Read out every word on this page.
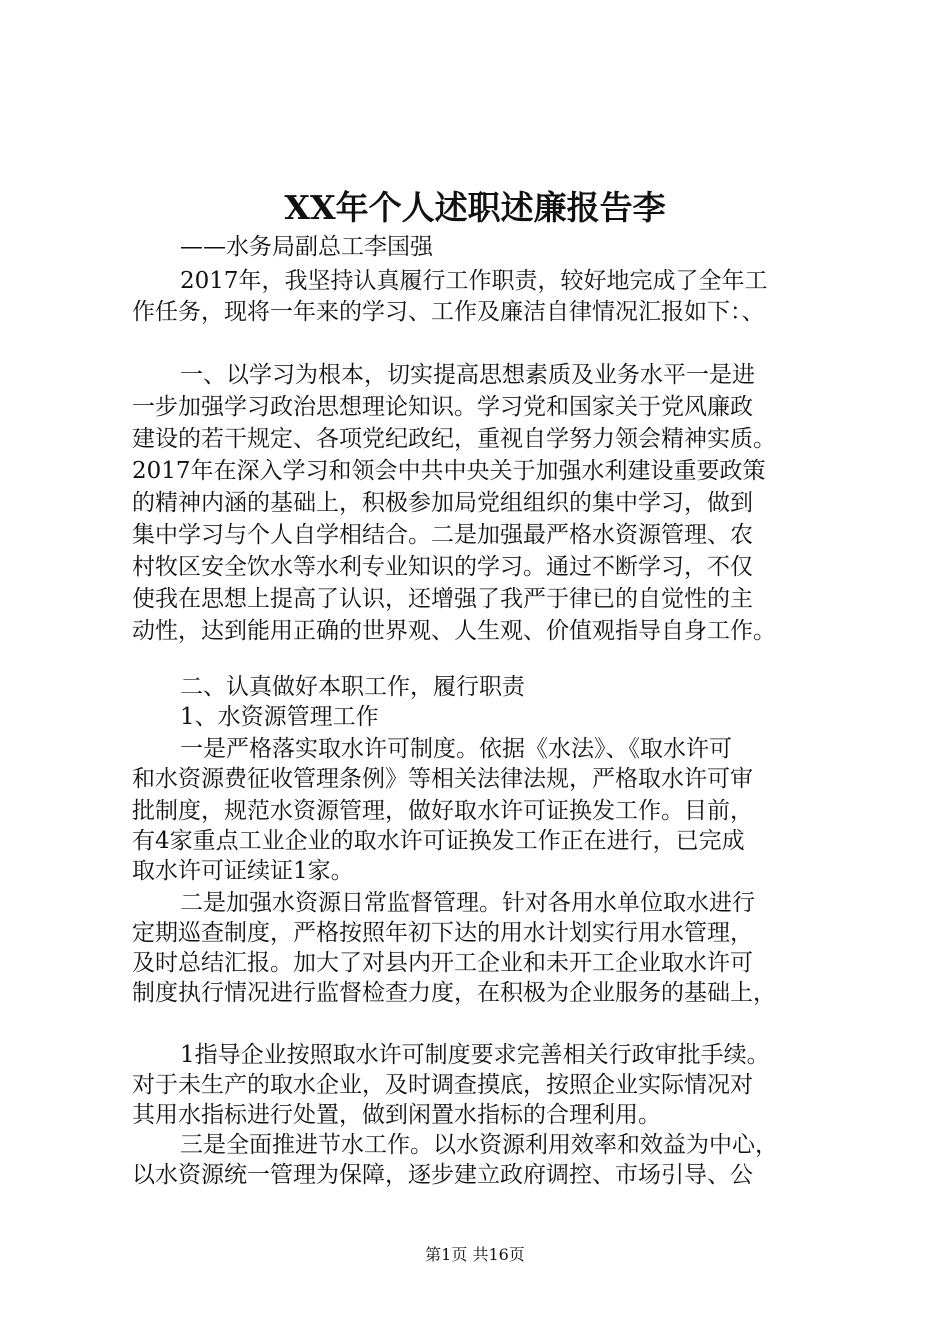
XX年个人述职述廉报告李
——水务局副总工李国强
2017年，我坚持认真履行工作职责，较好地完成了全年工
作任务，现将一年来的学习、工作及廉洁自律情况汇报如下：、
一、以学习为根本，切实提高思想素质及业务水平一是进
一步加强学习政治思想理论知识。学习党和国家关于党风廉政
建设的若干规定、各项党纪政纪，重视自学努力领会精神实质。
2017年在深入学习和领会中共中央关于加强水利建设重要政策
的精神内涵的基础上，积极参加局党组组织的集中学习，做到
集中学习与个人自学相结合。二是加强最严格水资源管理、农
村牧区安全饮水等水利专业知识的学习。通过不断学习，不仅
使我在思想上提高了认识，还增强了我严于律已的自觉性的主
动性，达到能用正确的世界观、人生观、价值观指导自身工作。
二、认真做好本职工作，履行职责
1、水资源管理工作
一是严格落实取水许可制度。依据《水法》、《取水许可
和水资源费征收管理条例》等相关法律法规，严格取水许可审
批制度，规范水资源管理，做好取水许可证换发工作。目前，
有4家重点工业企业的取水许可证换发工作正在进行，已完成
取水许可证续证1家。
二是加强水资源日常监督管理。针对各用水单位取水进行
定期巡查制度，严格按照年初下达的用水计划实行用水管理，
及时总结汇报。加大了对县内开工企业和未开工企业取水许可
制度执行情况进行监督检查力度，在积极为企业服务的基础上，
1指导企业按照取水许可制度要求完善相关行政审批手续。
对于未生产的取水企业，及时调查摸底，按照企业实际情况对
其用水指标进行处置，做到闲置水指标的合理利用。
三是全面推进节水工作。以水资源利用效率和效益为中心，
以水资源统一管理为保障，逐步建立政府调控、市场引导、公
第1页 共16页
